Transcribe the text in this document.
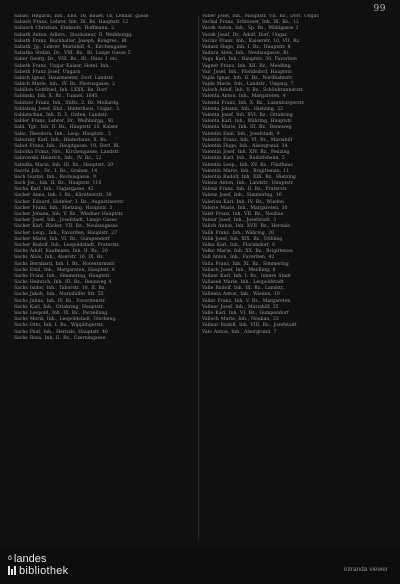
99

Sabac, Hngarin, Inh., Ebd. 18, Bauer, 1b, Lehnar, gasse

Sabach Franz, Lehrer, Inh. III. Bz. Hauptstr. 12

Sabasch Christian, Einkaufs, Hoffmann, 2.

Sabath Anton, Adlers., Stuckateur, II. Weihburgg.

Sabath Franz, Buchhalter, Joseph, Kongres., Bl.

Sabath, Jg., Lehrer, Mariahilf, 4., Kirchengasse

Sabatka Stefan, Dr., VIII. Bz., Bl. Lange Gasse 5

Saber Georg, Dr., VIII. Bz., Bl., Haus 1 etc.

Sabeth Franz, Ungar Kaiser, Hotel, Inh.

Sabeth Franz Josef, Ungarn

Sabich Ignaz, Hausmeister, Dorf, Landstr.

Sabich Marie, Inh., IV. Bz. Phorusgasse, 2

Sabillon Gottfried, Inh. LXXX. Bz. Dorf

Sabinski, Inh. X. Bz., Tunnel, 1845

Sabitzer Franz, Inh., Stifts. 2. Bz. Mollardg.

Sablatnig Josef, Ebd., Hinterhaus, Ungar., 3.

Sablatschan, Inh. D. 5, Orden, Landstr.

Sabler Franz, Lehrer, Dr., Weihburgg., Bl.

Sabl. Tgr., Inh. II. Bz., Hauptstr. 15, Kaiser

Sabo, Theodora, Inh., Leop. Hauptstr., 3

Saborsky Karl, Inh., Hinterhaus, X. Bz.

Sabot Franz, Inh., Hauptgasse, 10, Dorf, Bl.

Sabotka Franz, Nrs., Kirchengasse, Landstr.

Sabrowski Heinrich, Inh., IV. Bz., 12

Sabulka Marie, Inh. III. Bz., Hauptstr. 20

Sacchi Joh., Dr., I. Bz., Graben, 14

Sach Gustav, Inh., Rochusgasse, 9

Sach Jos., Inh. II. Bz., Hauptstr. 110

Sacha Karl, Inh., Ungargasse, 42

Sacher Anna, Inh. I. Bz., Kärntnerstr. 38

Sacher Eduard, Hotelier, I. Bz., Augustinerstr.

Sacher Franz, Inh., Hietzing, Hauptstr. 3

Sacher Johann, Inh. V. Bz., Wiedner Hauptstr.

Sacher Josef, Inh., Josefstadt, Lange Gasse

Sacher Karl, Bäcker, VII. Bz., Neubaugasse

Sacher Leop., Inh., Favoriten, Hauptstr. 27

Sacher Marie, Inh. VI. Bz., Gumpendorf

Sacher Rudolf, Inh., Leopoldstadt, Praterstr.

Sachs Adolf, Kaufmann, Inh. II. Bz., 20

Sachs Alois, Inh., Alserstr. 16, IX. Bz.

Sachs Bernhard, Inh. I. Bz., Rotenturmstr.

Sachs Emil, Inh., Margareten, Hauptstr. 6

Sachs Franz, Inh., Simmering, Hauptstr.

Sachs Heinrich, Inh. III. Bz., Rennweg 4

Sachs Isidor, Inh., Taborstr. 18, II. Bz.

Sachs Jakob, Inh., Mariahilfer Str. 55

Sachs Julius, Inh. IV. Bz., Favoritenstr.

Sachs Karl, Inh., Ottakring, Hauptstr.

Sachs Leopold, Inh. IX. Bz., Porzellang.

Sachs Moriz, Inh., Leopoldstadt, Glockeng.

Sachs Otto, Inh. I. Bz., Wipplingerstr.

Sachs Paul, Inh., Hernals, Hauptstr. 40

Sachs Rosa, Inh. II. Bz., Czerningasse

Vaber Josef, Inh., Hauptstr. VII. Bz., Dorf, Ungar.

Vachal Franz, Schlosser, Inh. III. Bz., 12

Vacek Anton, Inh., Sp. Bz., Mühlgasse 3

Vacek Josef, Dr., Adolf, Dorf, Ungar.

Vaclav Franz, Inh., Kaiserstr. 10, VII. Bz.

Vadasz Hugo, Inh. I. Bz., Hauptstr. 8

Vadura Alois, Inh., Neubaugasse, Bl.

Vaga Karl, Inh., Hauptstr. 30, Favoriten

Vagner Franz, Inh. XII. Bz., Meidling

Vaic Josef, Inh., Floridsdorf, Hauptstr.

Vajda Ignaz, Inh. II. Bz., Nordbahnstr.

Vajda Marie, Inh., Landstr., Ungarg. 7

Valach Adolf, Inh. V. Bz., Schönbrunnerstr.

Valenta Anton, Inh., Margareten, 4

Valenta Franz, Inh. X. Bz., Laxenburgerstr.

Valenta Johann, Inh., Hietzing, 22

Valenta Josef, Inh. XVI. Bz., Ottakring

Valenta Karl, Inh., Währing, Hauptstr.

Valenta Marie, Inh. III. Bz., Rennweg

Valentin Emil, Inh., Josefstadt, 9

Valentin Franz, Inh. VI. Bz., Mariahilf

Valentin Hugo, Inh., Alsergrund, 14

Valentin Josef, Inh. XIV. Bz., Penzing

Valentin Karl, Inh., Rudolfsheim, 5

Valentin Leop., Inh. XV. Bz., Fünfhaus

Valentin Marie, Inh., Brigittenau, 11

Valentin Rudolf, Inh. XIII. Bz., Hietzing

Valenz Anton, Inh., Landstr., Hauptstr.

Valenz Franz, Inh. II. Bz., Praterstr.

Valenz Josef, Inh., Simmering, 16

Valerian Karl, Inh. IV. Bz., Wieden

Valerie Marie, Inh., Margareten, 30

Valet Franz, Inh. VII. Bz., Neubau

Valeur Josef, Inh., Josefstadt, 3

Valich Anton, Inh. XVII. Bz., Hernals

Valik Franz, Inh., Währing, 20

Valik Josef, Inh. XIX. Bz., Döbling

Valka Karl, Inh., Floridsdorf, 6

Valko Marie, Inh. XX. Bz., Brigittenau

Vall Anton, Inh., Favoriten, 42

Valla Franz, Inh. XI. Bz., Simmering

Vallach Josef, Inh., Meidling, 8

Vallant Karl, Inh. I. Bz., Innere Stadt

Vallasek Marie, Inh., Leopoldstadt

Valle Rudolf, Inh. III. Bz., Landstr.

Vallenta Anton, Inh., Wieden, 19

Valler Franz, Inh. V. Bz., Margareten

Vallner Josef, Inh., Mariahilf, 25

Vallo Karl, Inh. VI. Bz., Gumpendorf

Valloch Marie, Inh., Neubau, 33

Valmar Rudolf, Inh. VIII. Bz., Josefstadt

Valo Anton, Inh., Alsergrund, 7

ö landes
bibliothek	intranda viewer
